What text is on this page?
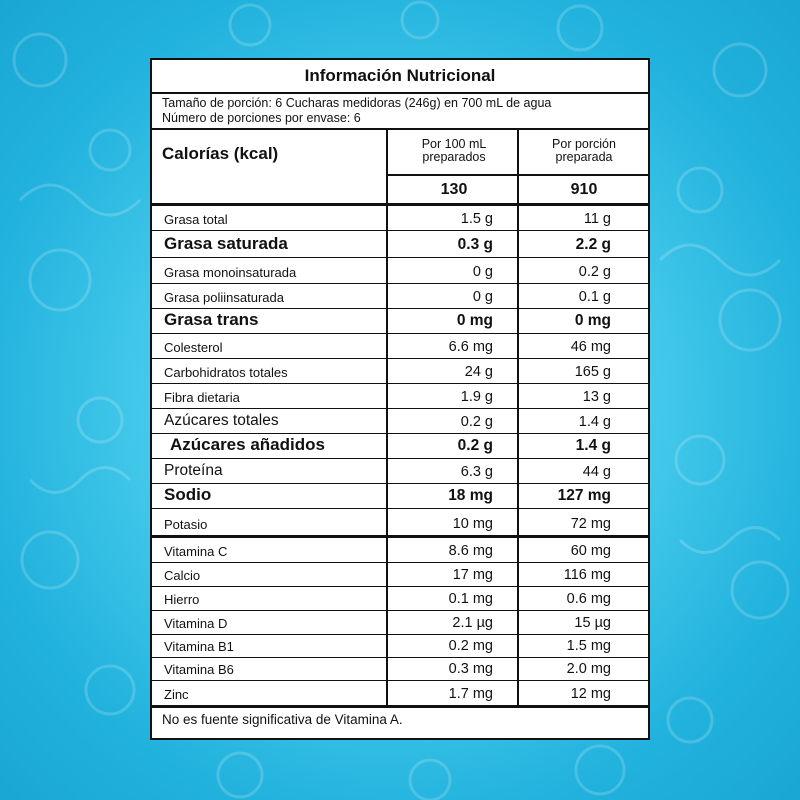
Información Nutricional
Tamaño de porción: 6 Cucharas medidoras (246g) en 700 mL de agua
Número de porciones por envase: 6
Calorías (kcal)	Por 100 mL
preparados
Por porción
preparada
130	910
Grasa total	1.5 g	11 g
Grasa saturada	0.3 g	2.2 g
Grasa monoinsaturada	0 g	0.2 g
Grasa poliinsaturada	0 g	0.1 g
Grasa trans	0 mg	0 mg
Colesterol	6.6 mg	46 mg
Carbohidratos totales	24 g	165 g
Fibra dietaria	1.9 g	13 g
Azúcares totales	0.2 g	1.4 g
Azúcares añadidos	0.2 g	1.4 g
Proteína	6.3 g	44 g
Sodio	18 mg	127 mg
Potasio	10 mg	72 mg
Vitamina C	8.6 mg	60 mg
Calcio	17 mg	116 mg
Hierro	0.1 mg	0.6 mg
Vitamina D	2.1 µg	15 µg
Vitamina B1	0.2 mg	1.5 mg
Vitamina B6	0.3 mg	2.0 mg
Zinc	1.7 mg	12 mg
No es fuente significativa de Vitamina A.
